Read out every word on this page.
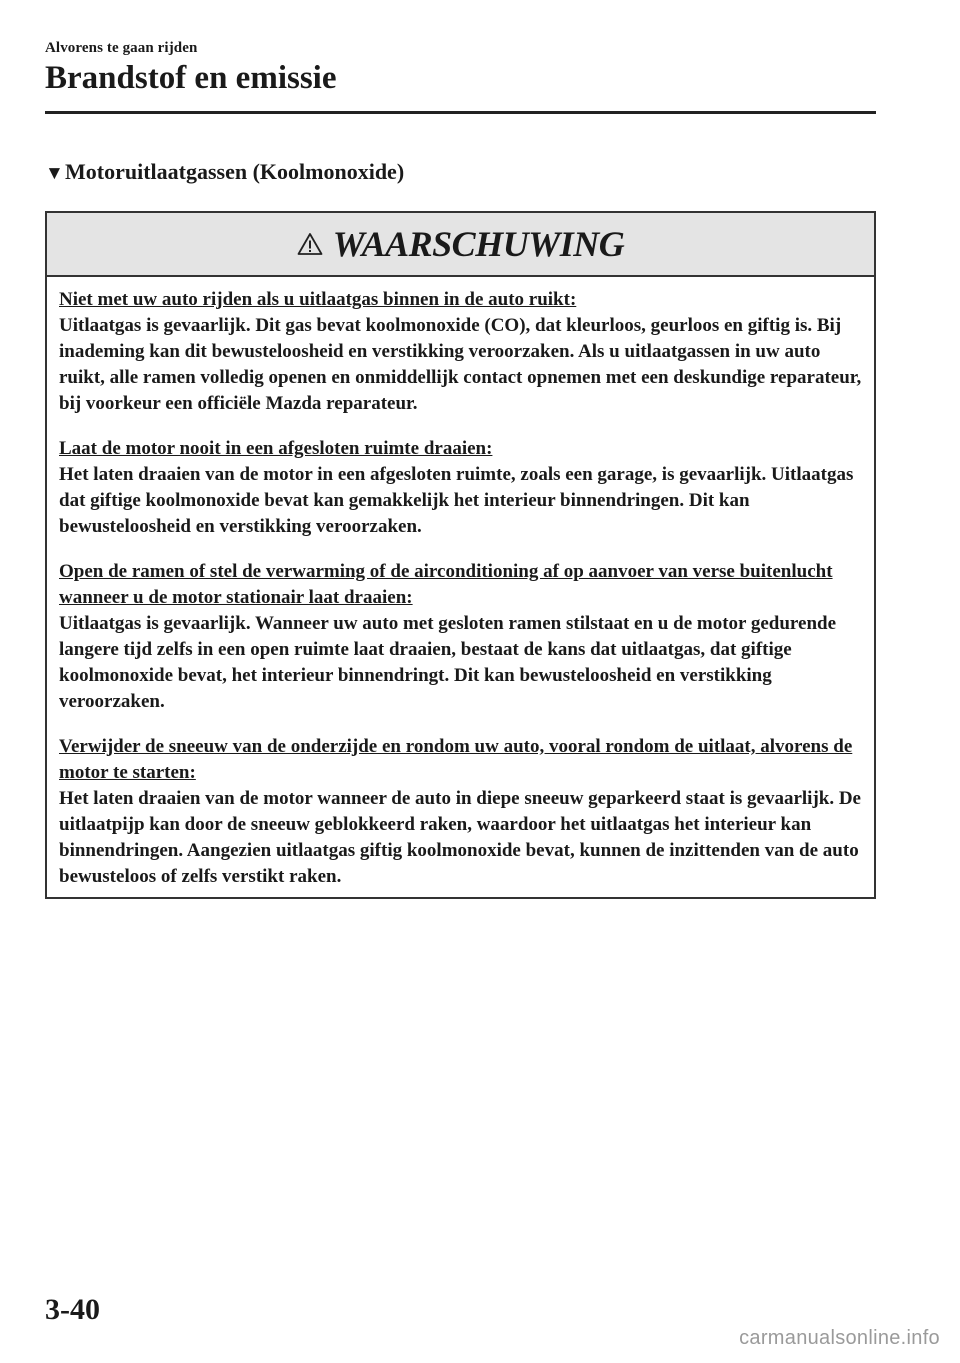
Alvorens te gaan rijden
Brandstof en emissie
▼Motoruitlaatgassen (Koolmonoxide)
WAARSCHUWING

Niet met uw auto rijden als u uitlaatgas binnen in de auto ruikt:
Uitlaatgas is gevaarlijk. Dit gas bevat koolmonoxide (CO), dat kleurloos, geurloos en giftig is. Bij inademing kan dit bewusteloosheid en verstikking veroorzaken. Als u uitlaatgassen in uw auto ruikt, alle ramen volledig openen en onmiddellijk contact opnemen met een deskundige reparateur, bij voorkeur een officiële Mazda reparateur.

Laat de motor nooit in een afgesloten ruimte draaien:
Het laten draaien van de motor in een afgesloten ruimte, zoals een garage, is gevaarlijk. Uitlaatgas dat giftige koolmonoxide bevat kan gemakkelijk het interieur binnendringen. Dit kan bewusteloosheid en verstikking veroorzaken.

Open de ramen of stel de verwarming of de airconditioning af op aanvoer van verse buitenlucht wanneer u de motor stationair laat draaien:
Uitlaatgas is gevaarlijk. Wanneer uw auto met gesloten ramen stilstaat en u de motor gedurende langere tijd zelfs in een open ruimte laat draaien, bestaat de kans dat uitlaatgas, dat giftige koolmonoxide bevat, het interieur binnendringt. Dit kan bewusteloosheid en verstikking veroorzaken.

Verwijder de sneeuw van de onderzijde en rondom uw auto, vooral rondom de uitlaat, alvorens de motor te starten:
Het laten draaien van de motor wanneer de auto in diepe sneeuw geparkeerd staat is gevaarlijk. De uitlaatpijp kan door de sneeuw geblokkeerd raken, waardoor het uitlaatgas het interieur kan binnendringen. Aangezien uitlaatgas giftig koolmonoxide bevat, kunnen de inzittenden van de auto bewusteloos of zelfs verstikt raken.

3-40
carmanualsonline.info
